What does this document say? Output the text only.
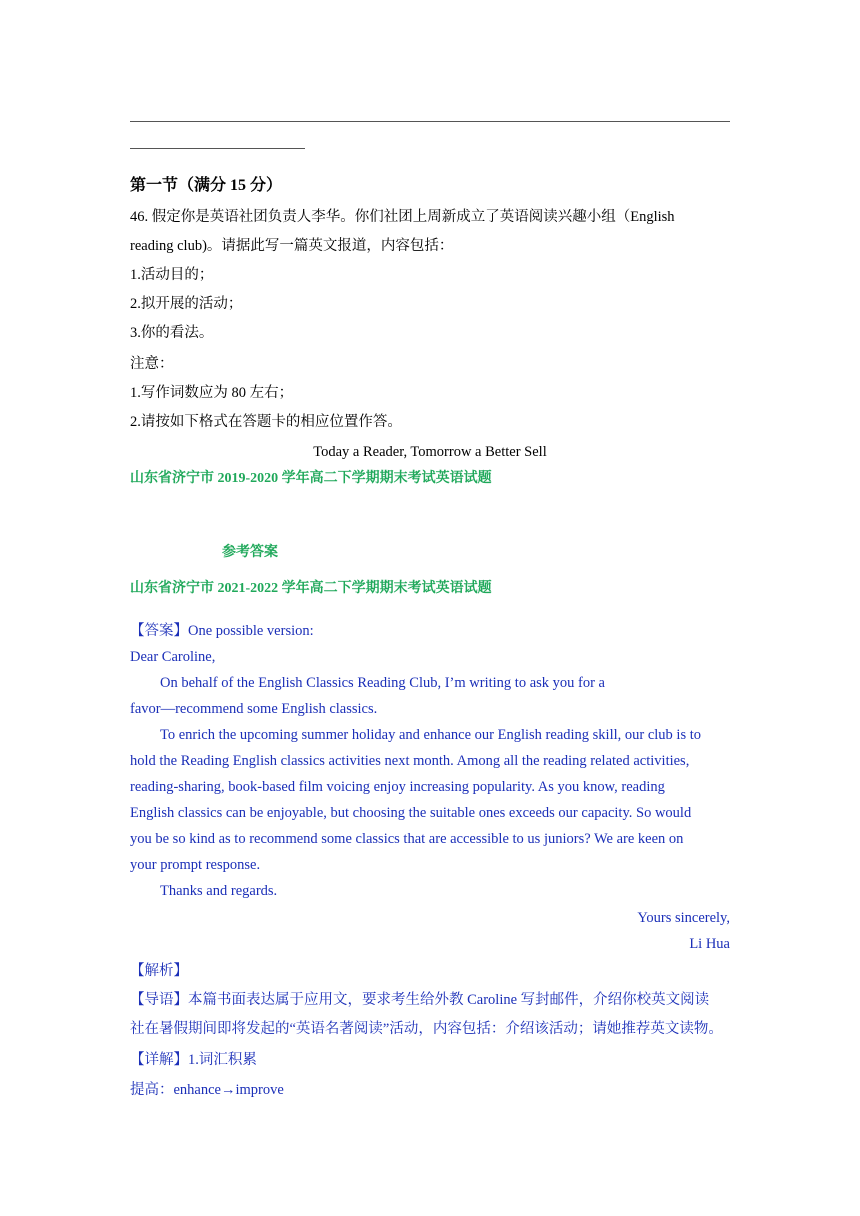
第一节（满分 15 分）
46. 假定你是英语社团负责人李华。你们社团上周新成立了英语阅读兴趣小组（English
reading club)。请据此写一篇英文报道，内容包括：
1.活动目的；
2.拟开展的活动；
3.你的看法。
注意：
1.写作词数应为 80 左右；
2.请按如下格式在答题卡的相应位置作答。
Today a Reader, Tomorrow a Better Sell
山东省济宁市 2019-2020 学年高二下学期期末考试英语试题
参考答案
山东省济宁市 2021-2022 学年高二下学期期末考试英语试题
【答案】One possible version:
Dear Caroline,
On behalf of the English Classics Reading Club, I’m writing to ask you for a
favor—recommend some English classics.
To enrich the upcoming summer holiday and enhance our English reading skill, our club is to
hold the Reading English classics activities next month. Among all the reading related activities,
reading-sharing, book-based film voicing enjoy increasing popularity. As you know, reading
English classics can be enjoyable, but choosing the suitable ones exceeds our capacity. So would
you be so kind as to recommend some classics that are accessible to us juniors? We are keen on
your prompt response.
Thanks and regards.
Yours sincerely,
Li Hua
【解析】
【导语】本篇书面表达属于应用文，要求考生给外教 Caroline 写封邮件，介绍你校英文阅读
社在暑假期间即将发起的“英语名著阅读”活动，内容包括：介绍该活动；请她推荐英文读物。
【详解】1.词汇积累
提高：enhance→improve
